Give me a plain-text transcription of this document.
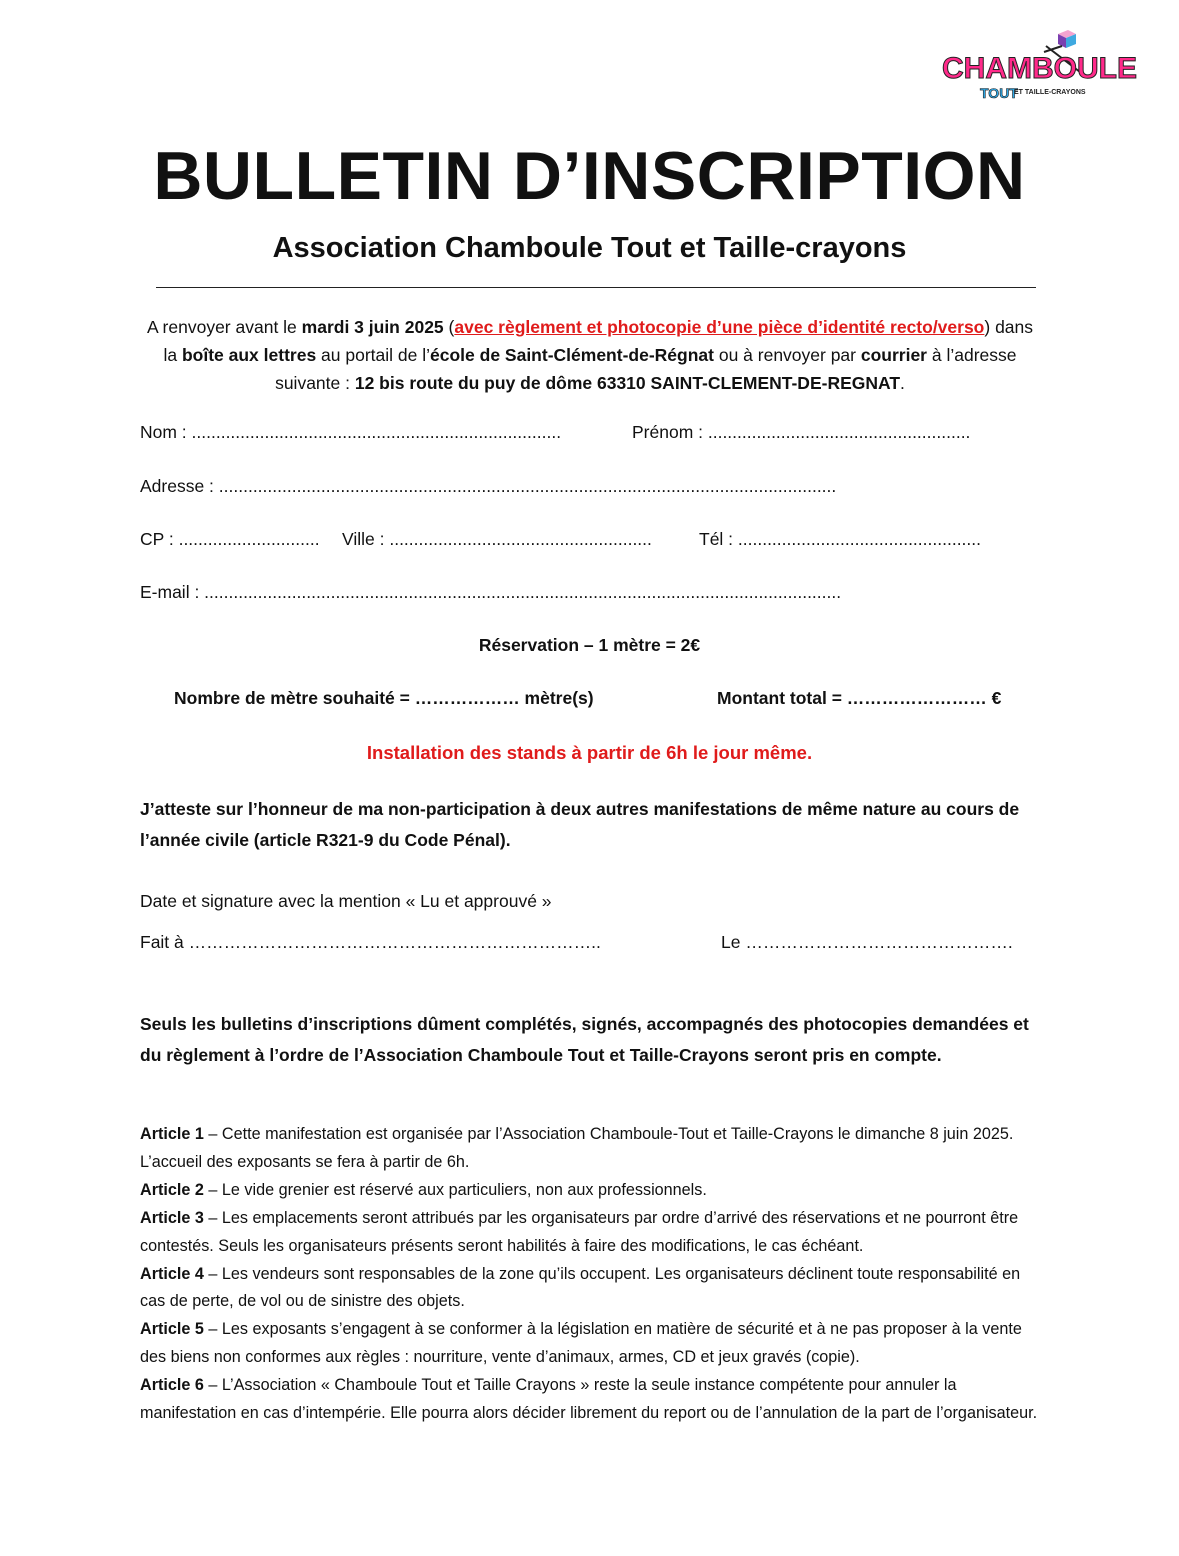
CHAMBOULE
TOUT
ET TAILLE-CRAYONS
BULLETIN D’INSCRIPTION
Association Chamboule Tout et Taille-crayons
A renvoyer avant le mardi 3 juin 2025 (avec règlement et photocopie d’une pièce d’identité recto/verso) dans la boîte aux lettres au portail de l’école de Saint-Clément-de-Régnat ou à renvoyer par courrier à l’adresse suivante : 12 bis route du puy de dôme 63310 SAINT-CLEMENT-DE-REGNAT.
Nom : ............................................................................	Prénom : ......................................................
Adresse : ...............................................................................................................................
CP : ............................. Ville : ......................................................	Tél : ..................................................
E-mail : ...................................................................................................................................
Réservation – 1 mètre = 2€
Nombre de mètre souhaité = ……………… mètre(s)	Montant total = …………………… €
Installation des stands à partir de 6h le jour même.
J’atteste sur l’honneur de ma non-participation à deux autres manifestations de même nature au cours de l’année civile (article R321-9 du Code Pénal).
Date et signature avec la mention « Lu et approuvé »
Fait à ……………………………………………………………..	Le ……………………………………….
Seuls les bulletins d’inscriptions dûment complétés, signés, accompagnés des photocopies demandées et du règlement à l’ordre de l’Association Chamboule Tout et Taille-Crayons seront pris en compte.

Article 1 – Cette manifestation est organisée par l’Association Chamboule-Tout et Taille-Crayons le dimanche 8 juin 2025. L’accueil des exposants se fera à partir de 6h.

Article 2 – Le vide grenier est réservé aux particuliers, non aux professionnels.

Article 3 – Les emplacements seront attribués par les organisateurs par ordre d’arrivé des réservations et ne pourront être contestés. Seuls les organisateurs présents seront habilités à faire des modifications, le cas échéant.

Article 4 – Les vendeurs sont responsables de la zone qu’ils occupent. Les organisateurs déclinent toute responsabilité en cas de perte, de vol ou de sinistre des objets.

Article 5 – Les exposants s’engagent à se conformer à la législation en matière de sécurité et à ne pas proposer à la vente des biens non conformes aux règles : nourriture, vente d’animaux, armes, CD et jeux gravés (copie).

Article 6 – L’Association « Chamboule Tout et Taille Crayons » reste la seule instance compétente pour annuler la manifestation en cas d’intempérie. Elle pourra alors décider librement du report ou de l’annulation de la part de l’organisateur.
